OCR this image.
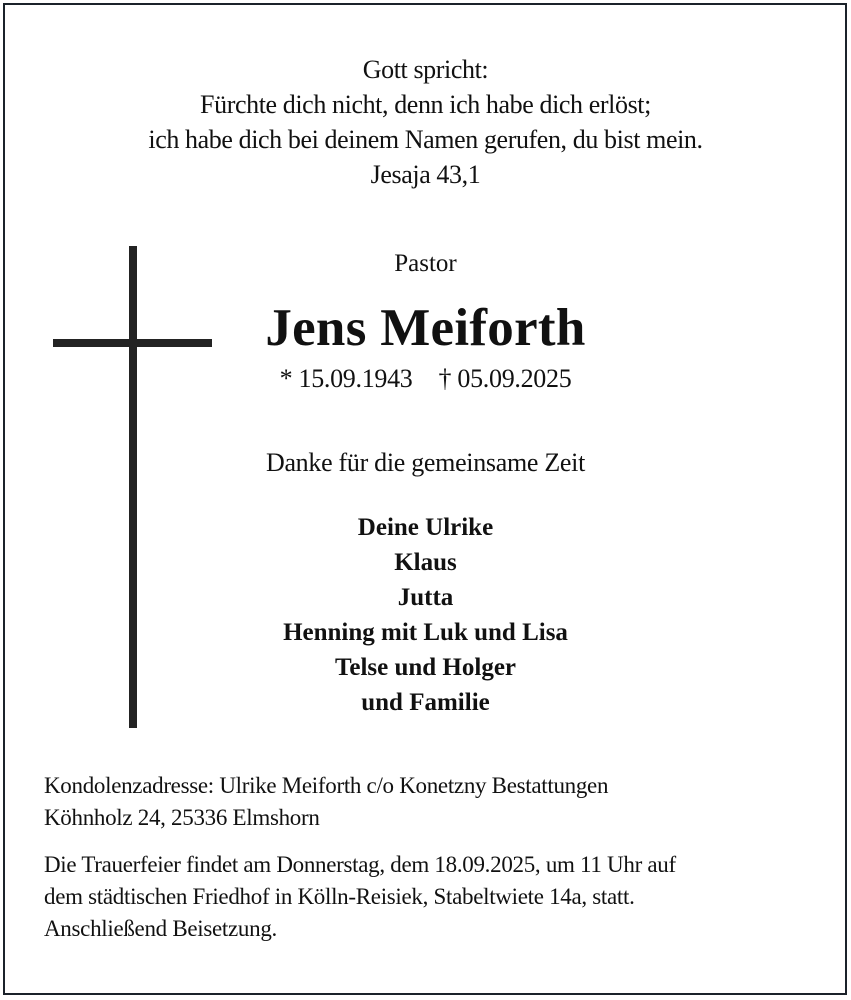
Gott spricht:
Fürchte dich nicht, denn ich habe dich erlöst;
ich habe dich bei deinem Namen gerufen, du bist mein.
Jesaja 43,1
Pastor
Jens Meiforth
* 15.09.1943 † 05.09.2025
Danke für die gemeinsame Zeit
Deine Ulrike
Klaus
Jutta
Henning mit Luk und Lisa
Telse und Holger
und Familie
Kondolenzadresse: Ulrike Meiforth c/o Konetzny Bestattungen
Köhnholz 24, 25336 Elmshorn
Die Trauerfeier findet am Donnerstag, dem 18.09.2025, um 11 Uhr auf
dem städtischen Friedhof in Kölln-Reisiek, Stabeltwiete 14a, statt.
Anschließend Beisetzung.
